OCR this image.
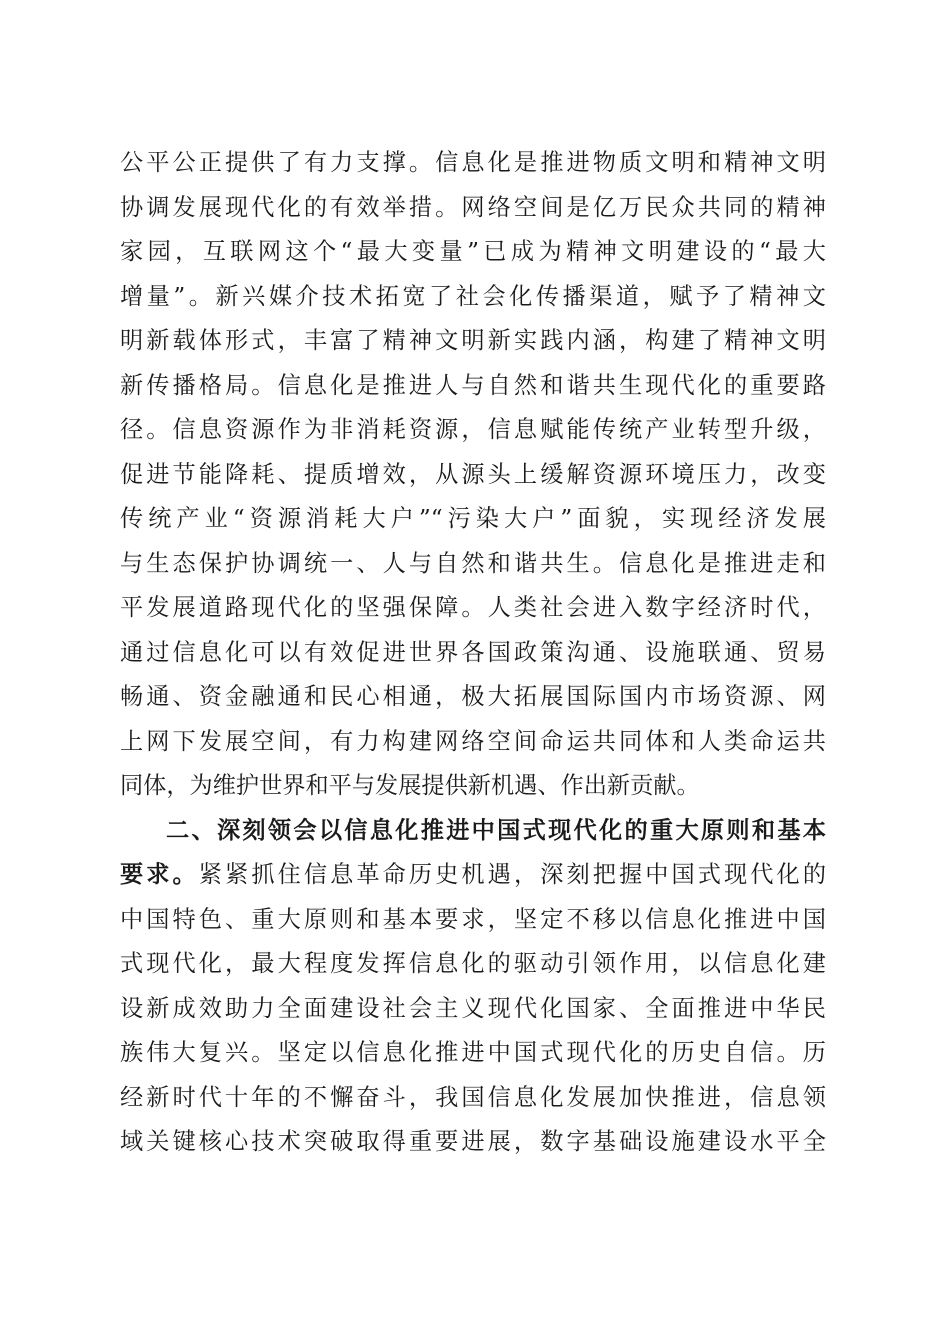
公平公正提供了有力支撑。信息化是推进物质文明和精神文明
协调发展现代化的有效举措。网络空间是亿万民众共同的精神
家园，互联网这个“最大变量”已成为精神文明建设的“最大
增量”。新兴媒介技术拓宽了社会化传播渠道，赋予了精神文
明新载体形式，丰富了精神文明新实践内涵，构建了精神文明
新传播格局。信息化是推进人与自然和谐共生现代化的重要路
径。信息资源作为非消耗资源，信息赋能传统产业转型升级，
促进节能降耗、提质增效，从源头上缓解资源环境压力，改变
传统产业“资源消耗大户”“污染大户”面貌，实现经济发展
与生态保护协调统一、人与自然和谐共生。信息化是推进走和
平发展道路现代化的坚强保障。人类社会进入数字经济时代，
通过信息化可以有效促进世界各国政策沟通、设施联通、贸易
畅通、资金融通和民心相通，极大拓展国际国内市场资源、网
上网下发展空间，有力构建网络空间命运共同体和人类命运共
同体，为维护世界和平与发展提供新机遇、作出新贡献。
二、深刻领会以信息化推进中国式现代化的重大原则和基本
要求。紧紧抓住信息革命历史机遇，深刻把握中国式现代化的
中国特色、重大原则和基本要求，坚定不移以信息化推进中国
式现代化，最大程度发挥信息化的驱动引领作用，以信息化建
设新成效助力全面建设社会主义现代化国家、全面推进中华民
族伟大复兴。坚定以信息化推进中国式现代化的历史自信。历
经新时代十年的不懈奋斗，我国信息化发展加快推进，信息领
域关键核心技术突破取得重要进展，数字基础设施建设水平全
